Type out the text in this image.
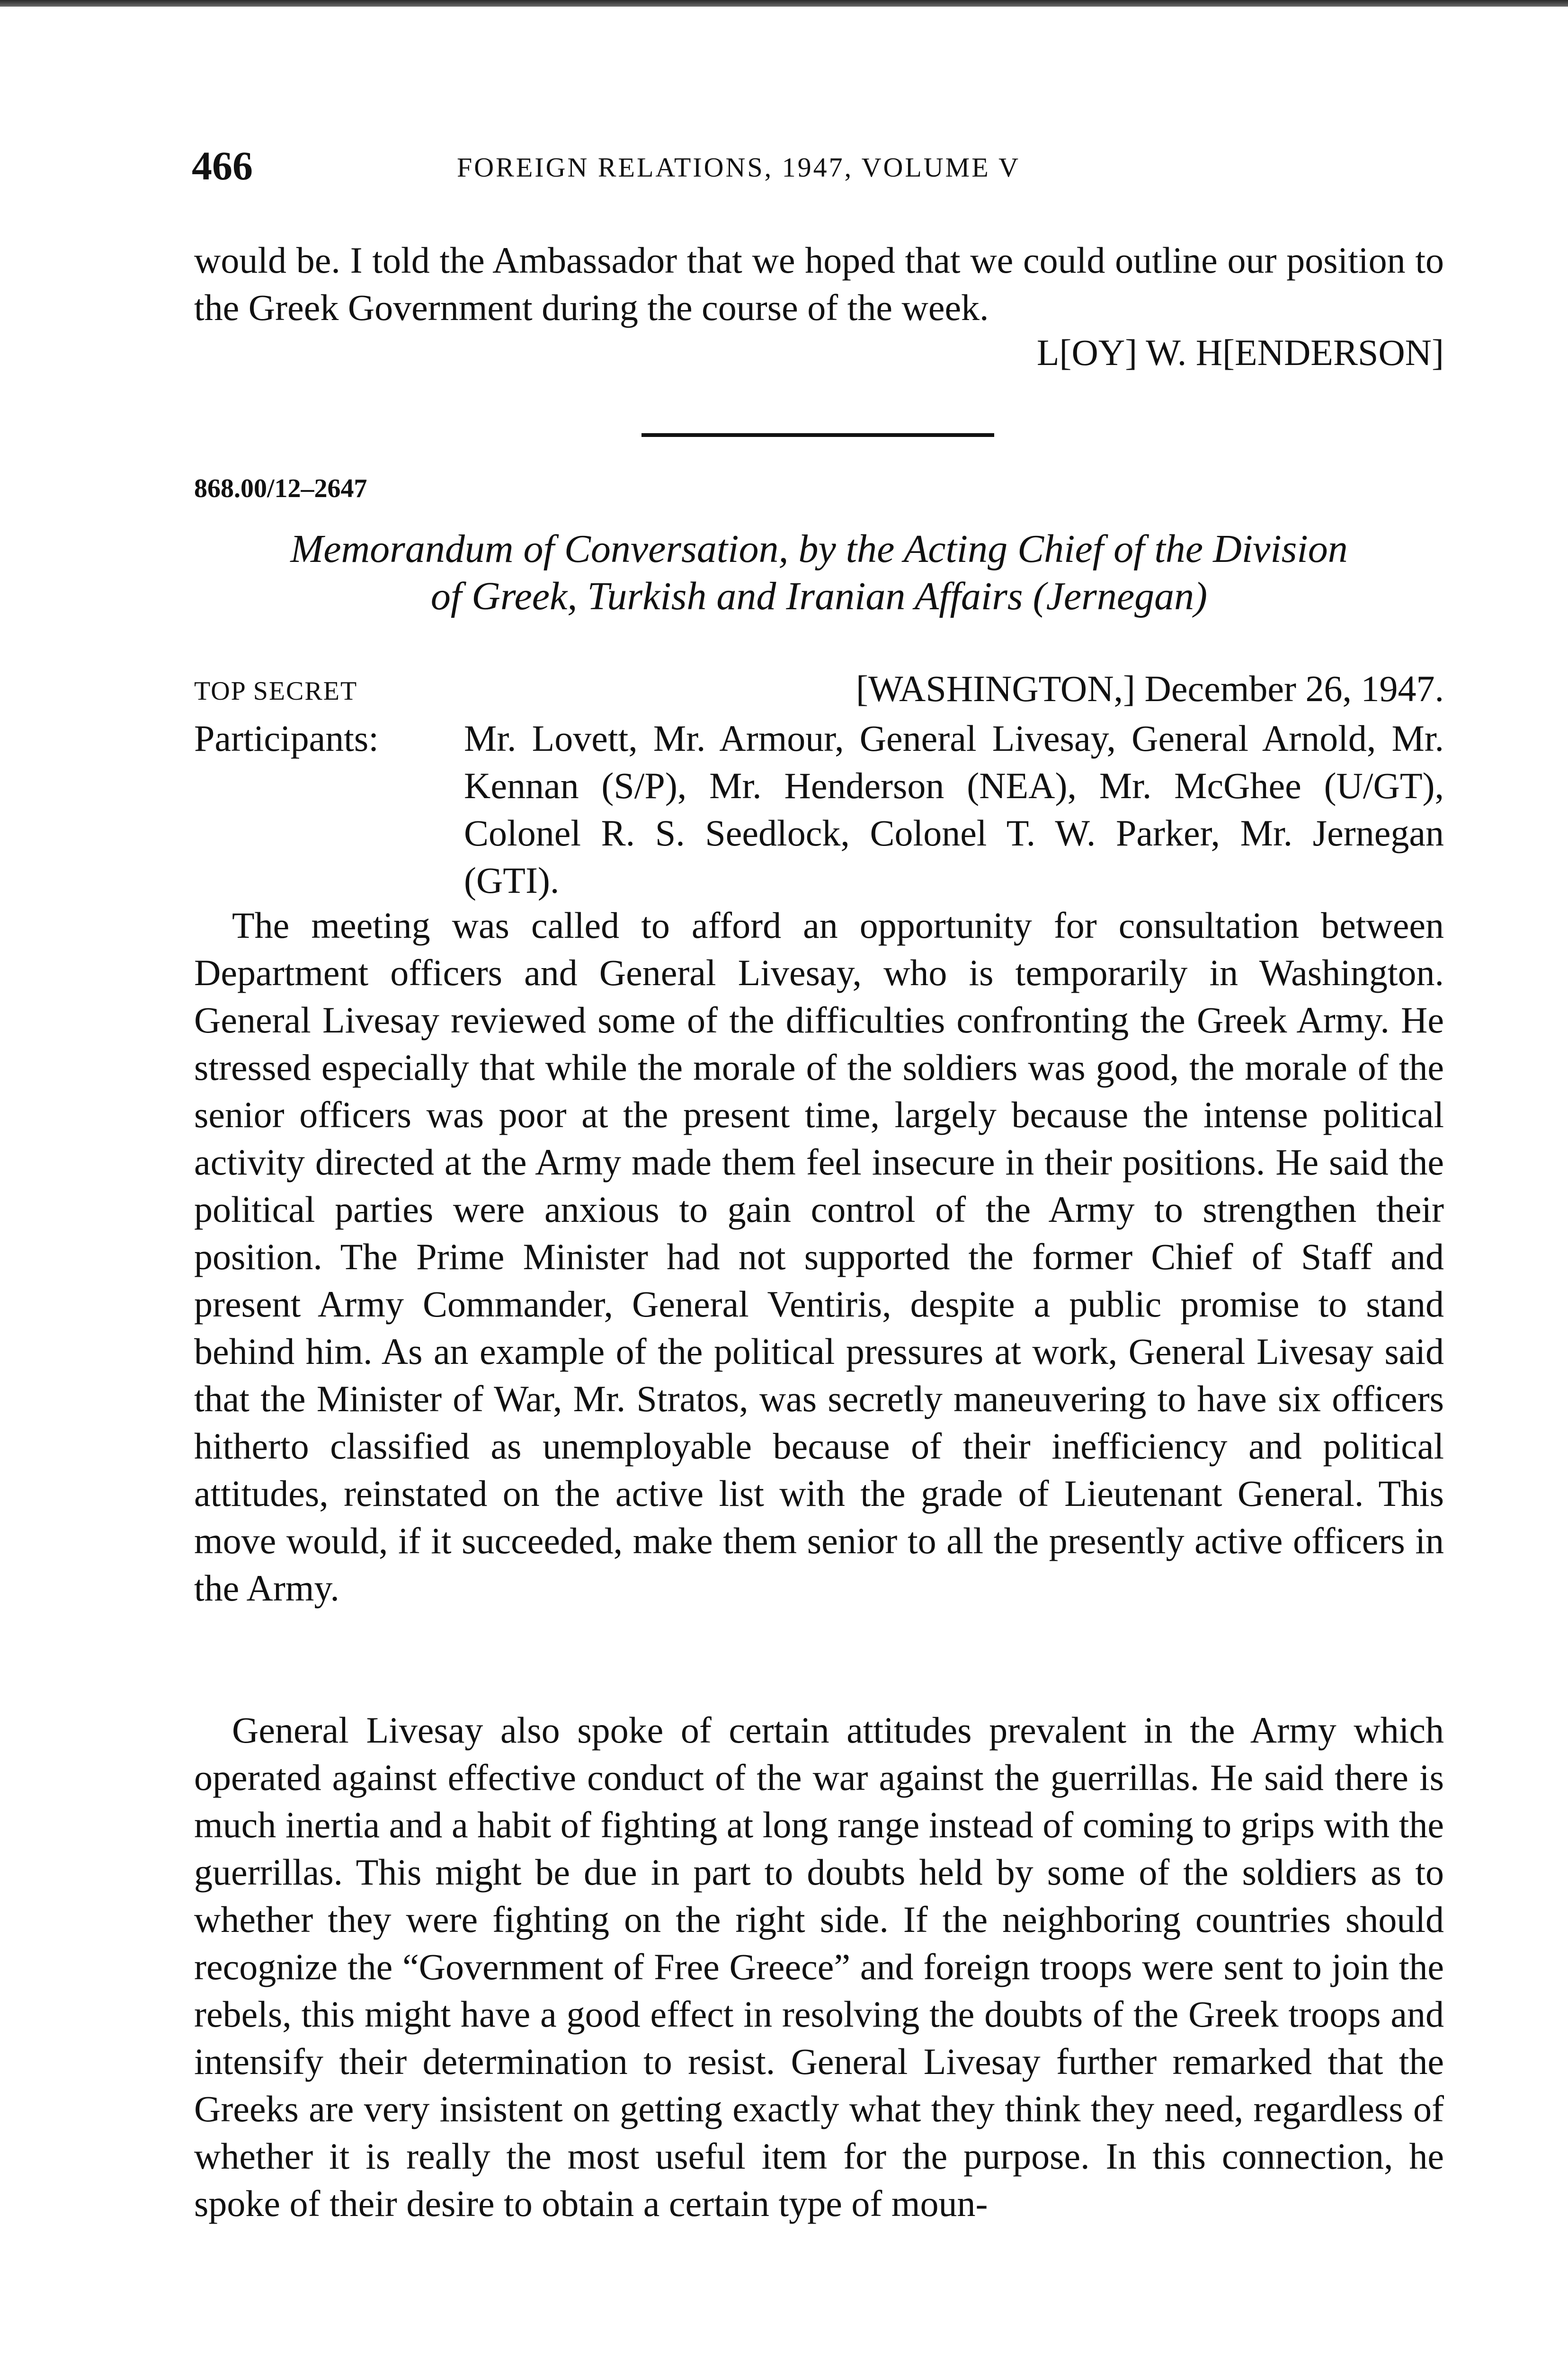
466	FOREIGN RELATIONS, 1947, VOLUME V

would be. I told the Ambassador that we hoped that we could outline our position to the Greek Government during the course of the week.

L[OY] W. H[ENDERSON]
868.00/12–2647
Memorandum of Conversation, by the Acting Chief of the Division
of Greek, Turkish and Iranian Affairs (Jernegan)
TOP SECRET	[WASHINGTON,] December 26, 1947.
Participants: Mr. Lovett, Mr. Armour, General Livesay, General Arnold, Mr. Kennan (S/P), Mr. Henderson (NEA), Mr. McGhee (U/GT), Colonel R. S. Seedlock, Colonel T. W. Parker, Mr. Jernegan (GTI).

The meeting was called to afford an opportunity for consultation between Department officers and General Livesay, who is temporarily in Washington. General Livesay reviewed some of the difficulties confronting the Greek Army. He stressed especially that while the morale of the soldiers was good, the morale of the senior officers was poor at the present time, largely because the intense political activity directed at the Army made them feel insecure in their positions. He said the political parties were anxious to gain control of the Army to strengthen their position. The Prime Minister had not supported the former Chief of Staff and present Army Commander, General Ventiris, despite a public promise to stand behind him. As an example of the political pressures at work, General Livesay said that the Minister of War, Mr. Stratos, was secretly maneuvering to have six officers hitherto classified as unemployable because of their inefficiency and political attitudes, reinstated on the active list with the grade of Lieutenant General. This move would, if it succeeded, make them senior to all the presently active officers in the Army.

General Livesay also spoke of certain attitudes prevalent in the Army which operated against effective conduct of the war against the guerrillas. He said there is much inertia and a habit of fighting at long range instead of coming to grips with the guerrillas. This might be due in part to doubts held by some of the soldiers as to whether they were fighting on the right side. If the neighboring countries should recognize the “Government of Free Greece” and foreign troops were sent to join the rebels, this might have a good effect in resolving the doubts of the Greek troops and intensify their determination to resist. General Livesay further remarked that the Greeks are very insistent on getting exactly what they think they need, regardless of whether it is really the most useful item for the purpose. In this connection, he spoke of their desire to obtain a certain type of moun-
